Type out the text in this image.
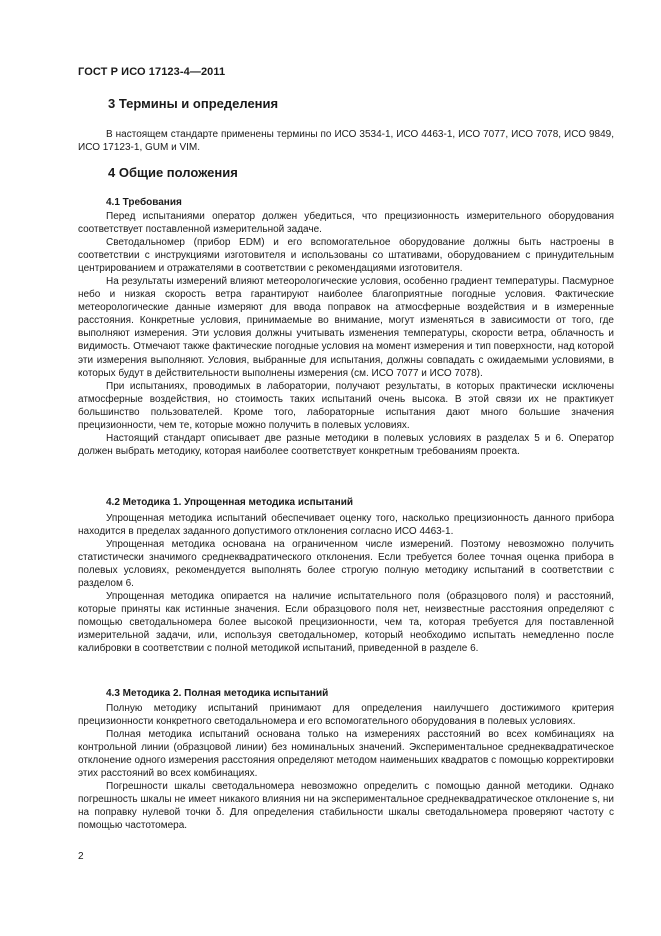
ГОСТ Р ИСО 17123-4—2011
3 Термины и определения

В настоящем стандарте применены термины по ИСО 3534-1, ИСО 4463-1, ИСО 7077, ИСО 7078, ИСО 9849, ИСО 17123-1, GUM и VIM.

4 Общие положения
4.1 Требования

Перед испытаниями оператор должен убедиться, что прецизионность измерительного оборудования соответствует поставленной измерительной задаче.

Светодальномер (прибор EDM) и его вспомогательное оборудование должны быть настроены в соответствии с инструкциями изготовителя и использованы со штативами, оборудованием с принудительным центрированием и отражателями в соответствии с рекомендациями изготовителя.

На результаты измерений влияют метеорологические условия, особенно градиент температуры. Пасмурное небо и низкая скорость ветра гарантируют наиболее благоприятные погодные условия. Фактические метеорологические данные измеряют для ввода поправок на атмосферные воздействия и в измеренные расстояния. Конкретные условия, принимаемые во внимание, могут изменяться в зависимости от того, где выполняют измерения. Эти условия должны учитывать изменения температуры, скорости ветра, облачность и видимость. Отмечают также фактические погодные условия на момент измерения и тип поверхности, над которой эти измерения выполняют. Условия, выбранные для испытания, должны совпадать с ожидаемыми условиями, в которых будут в действительности выполнены измерения (см. ИСО 7077 и ИСО 7078).

При испытаниях, проводимых в лаборатории, получают результаты, в которых практически исключены атмосферные воздействия, но стоимость таких испытаний очень высока. В этой связи их не практикует большинство пользователей. Кроме того, лабораторные испытания дают много большие значения прецизионности, чем те, которые можно получить в полевых условиях.

Настоящий стандарт описывает две разные методики в полевых условиях в разделах 5 и 6. Оператор должен выбрать методику, которая наиболее соответствует конкретным требованиям проекта.

4.2 Методика 1. Упрощенная методика испытаний

Упрощенная методика испытаний обеспечивает оценку того, насколько прецизионность данного прибора находится в пределах заданного допустимого отклонения согласно ИСО 4463-1.

Упрощенная методика основана на ограниченном числе измерений. Поэтому невозможно получить статистически значимого среднеквадратического отклонения. Если требуется более точная оценка прибора в полевых условиях, рекомендуется выполнять более строгую полную методику испытаний в соответствии с разделом 6.

Упрощенная методика опирается на наличие испытательного поля (образцового поля) и расстояний, которые приняты как истинные значения. Если образцового поля нет, неизвестные расстояния определяют с помощью светодальномера более высокой прецизионности, чем та, которая требуется для поставленной измерительной задачи, или, используя светодальномер, который необходимо испытать немедленно после калибровки в соответствии с полной методикой испытаний, приведенной в разделе 6.

4.3 Методика 2. Полная методика испытаний

Полную методику испытаний принимают для определения наилучшего достижимого критерия прецизионности конкретного светодальномера и его вспомогательного оборудования в полевых условиях.

Полная методика испытаний основана только на измерениях расстояний во всех комбинациях на контрольной линии (образцовой линии) без номинальных значений. Экспериментальное среднеквадратическое отклонение одного измерения расстояния определяют методом наименьших квадратов с помощью корректировки этих расстояний во всех комбинациях.

Погрешности шкалы светодальномера невозможно определить с помощью данной методики. Однако погрешность шкалы не имеет никакого влияния ни на экспериментальное среднеквадратическое отклонение s, ни на поправку нулевой точки δ. Для определения стабильности шкалы светодальномера проверяют частоту с помощью частотомера.

2
